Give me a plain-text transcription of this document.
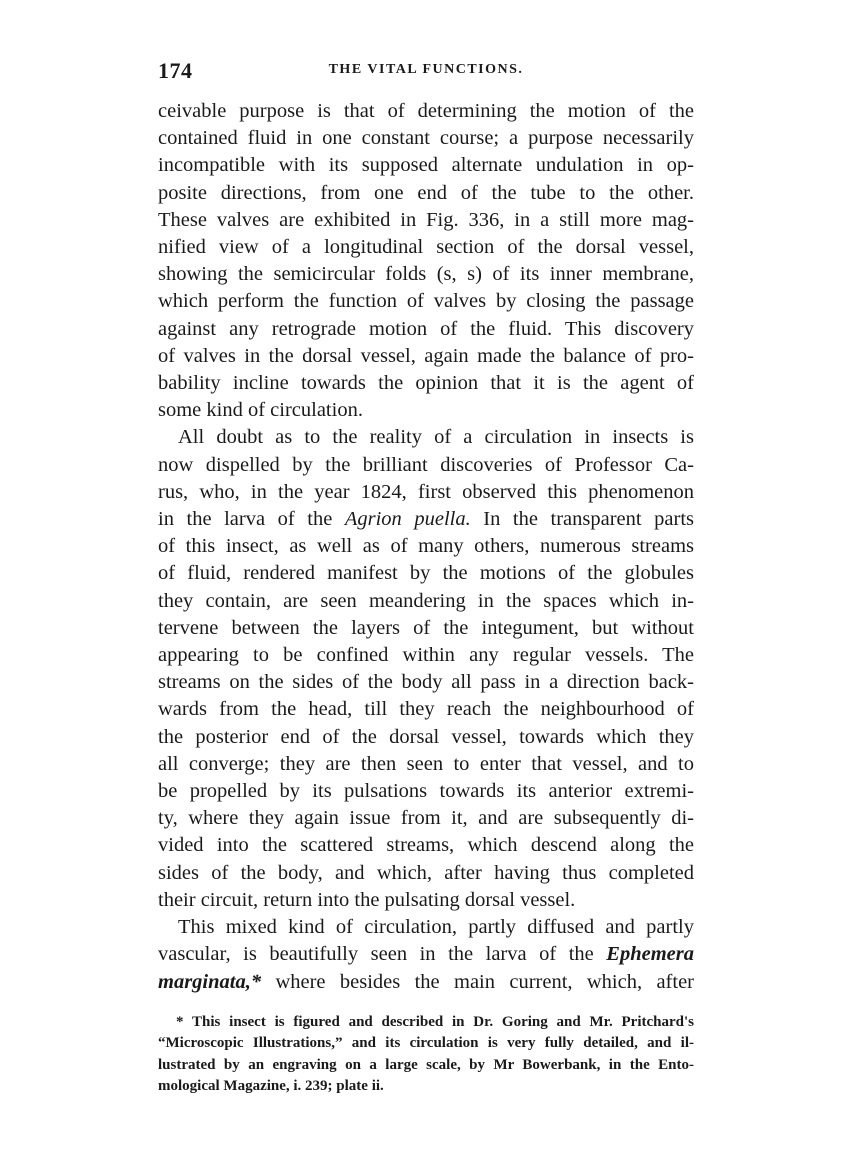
174	THE VITAL FUNCTIONS.

ceivable purpose is that of determining the motion of the
contained fluid in one constant course; a purpose necessarily
incompatible with its supposed alternate undulation in op-
posite directions, from one end of the tube to the other.
These valves are exhibited in Fig. 336, in a still more mag-
nified view of a longitudinal section of the dorsal vessel,
showing the semicircular folds (s, s) of its inner membrane,
which perform the function of valves by closing the passage
against any retrograde motion of the fluid. This discovery
of valves in the dorsal vessel, again made the balance of pro-
bability incline towards the opinion that it is the agent of
some kind of circulation.

All doubt as to the reality of a circulation in insects is
now dispelled by the brilliant discoveries of Professor Ca-
rus, who, in the year 1824, first observed this phenomenon
in the larva of the Agrion puella. In the transparent parts
of this insect, as well as of many others, numerous streams
of fluid, rendered manifest by the motions of the globules
they contain, are seen meandering in the spaces which in-
tervene between the layers of the integument, but without
appearing to be confined within any regular vessels. The
streams on the sides of the body all pass in a direction back-
wards from the head, till they reach the neighbourhood of
the posterior end of the dorsal vessel, towards which they
all converge; they are then seen to enter that vessel, and to
be propelled by its pulsations towards its anterior extremi-
ty, where they again issue from it, and are subsequently di-
vided into the scattered streams, which descend along the
sides of the body, and which, after having thus completed
their circuit, return into the pulsating dorsal vessel.

This mixed kind of circulation, partly diffused and partly
vascular, is beautifully seen in the larva of the Ephemera
marginata,* where besides the main current, which, after

* This insect is figured and described in Dr. Goring and Mr. Pritchard's
“Microscopic Illustrations,” and its circulation is very fully detailed, and il-
lustrated by an engraving on a large scale, by Mr Bowerbank, in the Ento-
mological Magazine, i. 239; plate ii.
